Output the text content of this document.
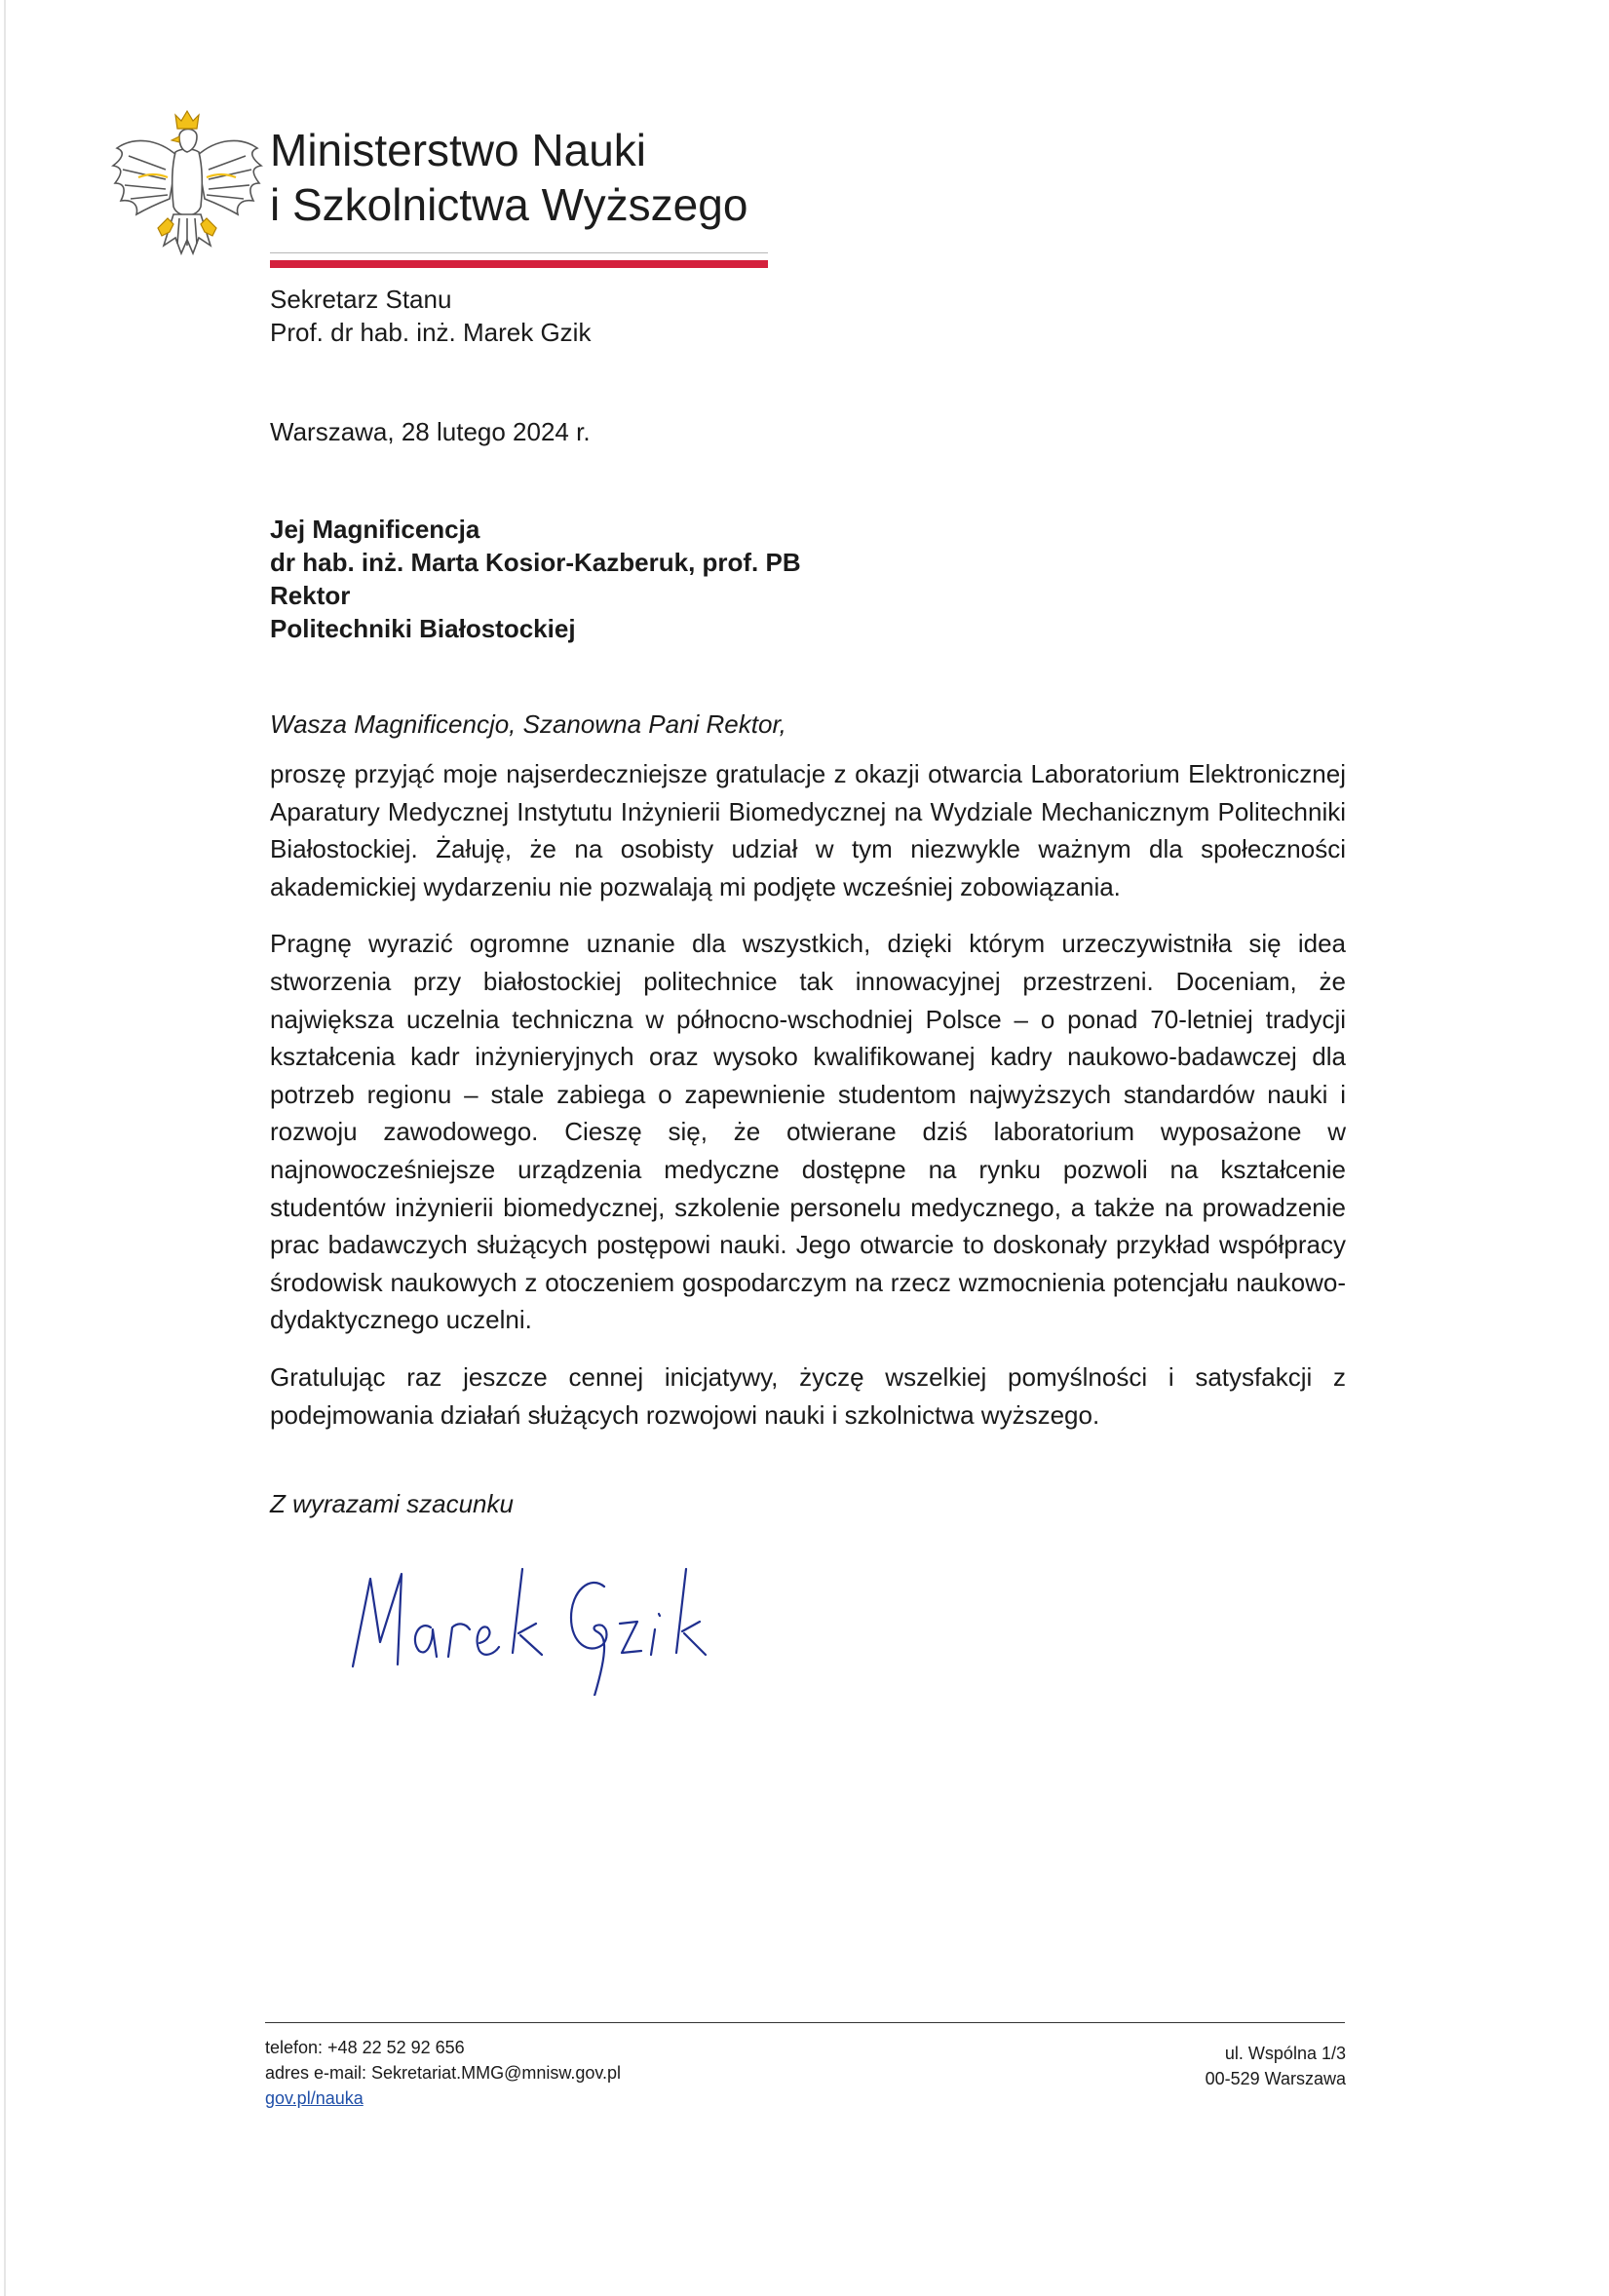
Ministerstwo Nauki
i Szkolnictwa Wyższego
Sekretarz Stanu
Prof. dr hab. inż. Marek Gzik
Warszawa, 28 lutego 2024 r.
Jej Magnificencja
dr hab. inż. Marta Kosior-Kazberuk, prof. PB
Rektor
Politechniki Białostockiej
Wasza Magnificencjo, Szanowna Pani Rektor,

proszę przyjąć moje najserdeczniejsze gratulacje z okazji otwarcia Laboratorium Elektronicznej Aparatury Medycznej Instytutu Inżynierii Biomedycznej na Wydziale Mechanicznym Politechniki Białostockiej. Żałuję, że na osobisty udział w tym niezwykle ważnym dla społeczności akademickiej wydarzeniu nie pozwalają mi podjęte wcześniej zobowiązania.

Pragnę wyrazić ogromne uznanie dla wszystkich, dzięki którym urzeczywistniła się idea stworzenia przy białostockiej politechnice tak innowacyjnej przestrzeni. Doceniam, że największa uczelnia techniczna w północno-wschodniej Polsce – o ponad 70-letniej tradycji kształcenia kadr inżynieryjnych oraz wysoko kwalifikowanej kadry naukowo-badawczej dla potrzeb regionu – stale zabiega o zapewnienie studentom najwyższych standardów nauki i rozwoju zawodowego. Cieszę się, że otwierane dziś laboratorium wyposażone w najnowocześniejsze urządzenia medyczne dostępne na rynku pozwoli na kształcenie studentów inżynierii biomedycznej, szkolenie personelu medycznego, a także na prowadzenie prac badawczych służących postępowi nauki. Jego otwarcie to doskonały przykład współpracy środowisk naukowych z otoczeniem gospodarczym na rzecz wzmocnienia potencjału naukowo-dydaktycznego uczelni.

Gratulując raz jeszcze cennej inicjatywy, życzę wszelkiej pomyślności i satysfakcji z podejmowania działań służących rozwojowi nauki i szkolnictwa wyższego.

Z wyrazami szacunku
telefon: +48 22 52 92 656
adres e-mail: Sekretariat.MMG@mnisw.gov.pl
gov.pl/nauka
ul. Wspólna 1/3
00-529 Warszawa
